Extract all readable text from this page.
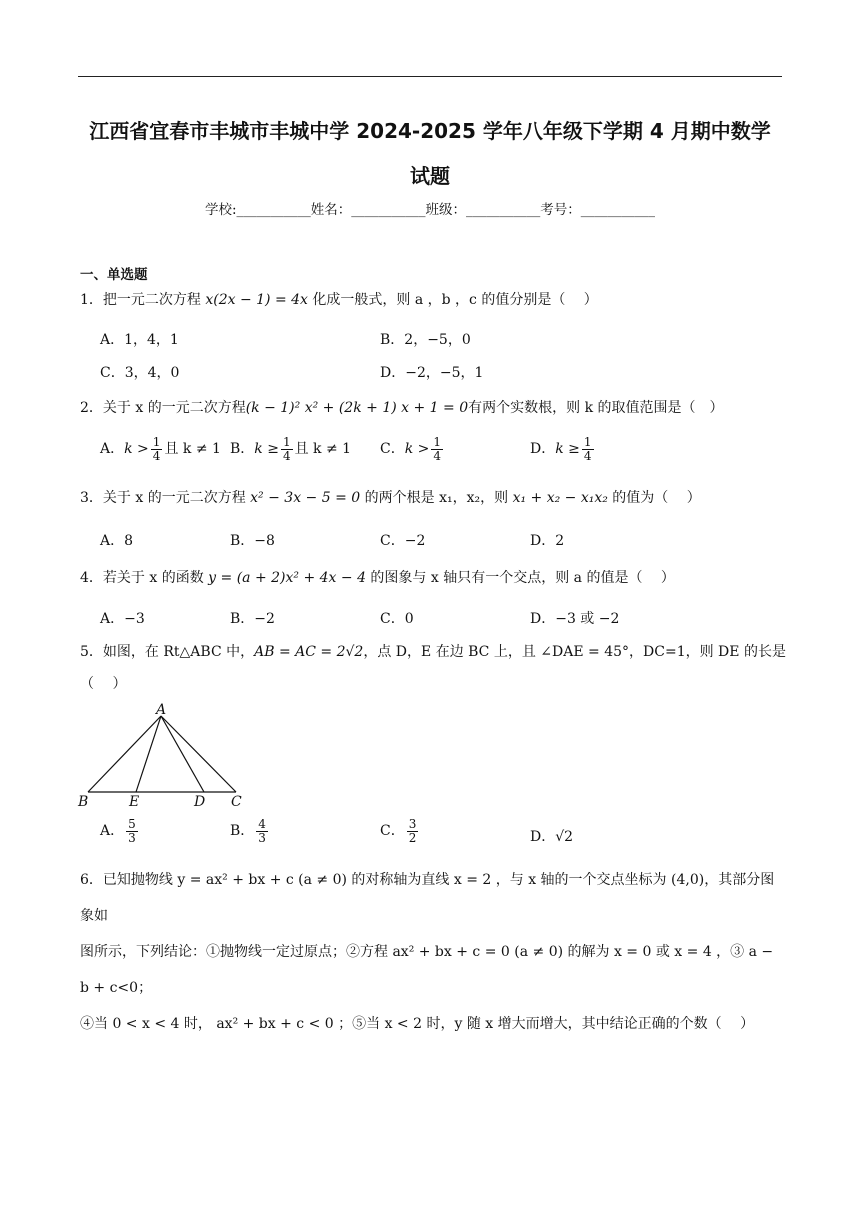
江西省宜春市丰城市丰城中学 2024-2025 学年八年级下学期 4 月期中数学
试题
学校:___________姓名：___________班级：___________考号：___________
一、单选题
1．把一元二次方程 x(2x − 1) = 4x 化成一般式，则 a ，b ，c 的值分别是（　 ）
A．1，4，1	B．2，−5，0
C．3，4，0	D．−2，−5，1
2．关于 x 的一元二次方程(k − 1)² x² + (2k + 1) x + 1 = 0有两个实数根，则 k 的取值范围是（　）
A．$k > \frac{1}{4}$ 且 k ≠ 1 B．$k \ge \frac{1}{4}$ 且 k ≠ 1 C．$k > \frac{1}{4}$	D．$k \ge \frac{1}{4}$
3．关于 x 的一元二次方程 x² − 3x − 5 = 0 的两个根是 x₁，x₂，则 x₁ + x₂ − x₁x₂ 的值为（　 ）
A．8	B．−8	C．−2	D．2
4．若关于 x 的函数 y = (a + 2)x² + 4x − 4 的图象与 x 轴只有一个交点，则 a 的值是（　 ）
A．−3	B．−2	C．0	D．−3 或 −2
5．如图，在 Rt△ABC 中，AB = AC = 2√2，点 D，E 在边 BC 上，且 ∠DAE = 45°，DC=1，则 DE 的长是
（　 ）
A
B	E	D C
A． $\frac{5}{3}$	B． $\frac{4}{3}$	C． $\frac{3}{2}$	D．√2
6．已知抛物线 y = ax² + bx + c (a ≠ 0) 的对称轴为直线 x = 2 ，与 x 轴的一个交点坐标为 (4,0)，其部分图象如
图所示，下列结论：①抛物线一定过原点；②方程 ax² + bx + c = 0 (a ≠ 0) 的解为 x = 0 或 x = 4 ，③ a − b + c<0；
④当 0 < x < 4 时， ax² + bx + c < 0 ；⑤当 x < 2 时，y 随 x 增大而增大，其中结论正确的个数（　 ）
